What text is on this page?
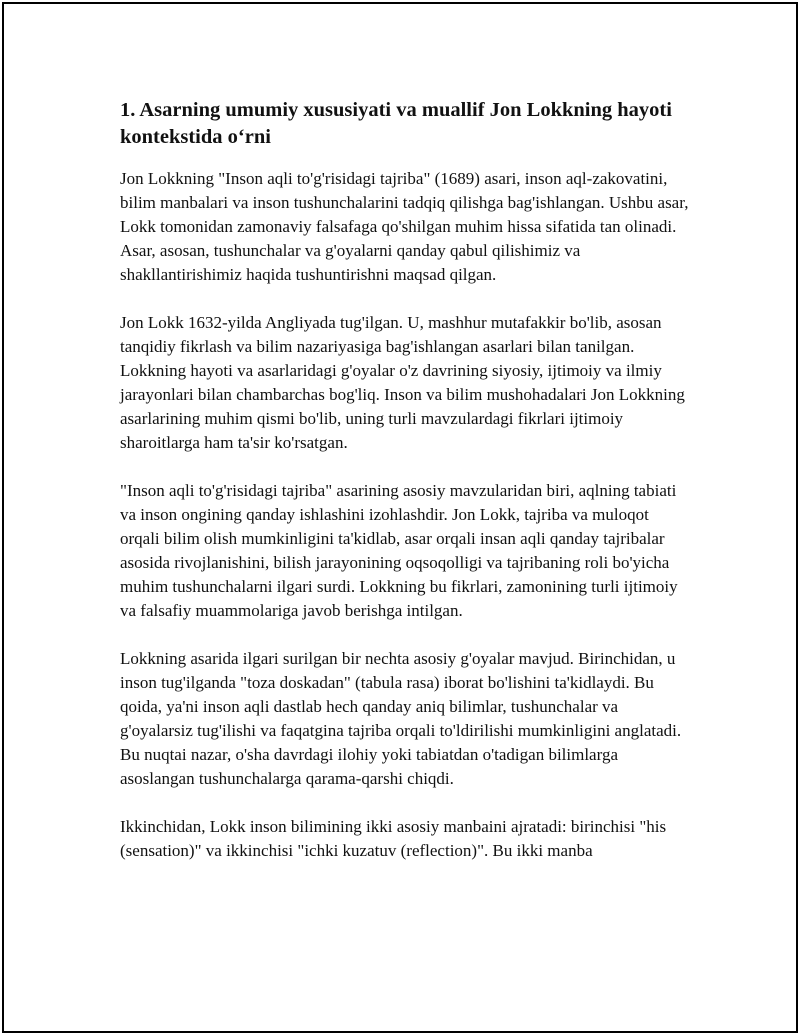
1. Asarning umumiy xususiyati va muallif Jon Lokkning hayoti kontekstida o‘rni

Jon Lokkning "Inson aqli to'g'risidagi tajriba" (1689) asari, inson aql-zakovatini, bilim manbalari va inson tushunchalarini tadqiq qilishga bag'ishlangan. Ushbu asar, Lokk tomonidan zamonaviy falsafaga qo'shilgan muhim hissa sifatida tan olinadi. Asar, asosan, tushunchalar va g'oyalarni qanday qabul qilishimiz va shakllantirishimiz haqida tushuntirishni maqsad qilgan.

Jon Lokk 1632-yilda Angliyada tug'ilgan. U, mashhur mutafakkir bo'lib, asosan tanqidiy fikrlash va bilim nazariyasiga bag'ishlangan asarlari bilan tanilgan. Lokkning hayoti va asarlaridagi g'oyalar o'z davrining siyosiy, ijtimoiy va ilmiy jarayonlari bilan chambarchas bog'liq. Inson va bilim mushohadalari Jon Lokkning asarlarining muhim qismi bo'lib, uning turli mavzulardagi fikrlari ijtimoiy sharoitlarga ham ta'sir ko'rsatgan.

"Inson aqli to'g'risidagi tajriba" asarining asosiy mavzularidan biri, aqlning tabiati va inson ongining qanday ishlashini izohlashdir. Jon Lokk, tajriba va muloqot orqali bilim olish mumkinligini ta'kidlab, asar orqali insan aqli qanday tajribalar asosida rivojlanishini, bilish jarayonining oqsoqolligi va tajribaning roli bo'yicha muhim tushunchalarni ilgari surdi. Lokkning bu fikrlari, zamonining turli ijtimoiy va falsafiy muammolariga javob berishga intilgan.

Lokkning asarida ilgari surilgan bir nechta asosiy g'oyalar mavjud. Birinchidan, u inson tug'ilganda "toza doskadan" (tabula rasa) iborat bo'lishini ta'kidlaydi. Bu qoida, ya'ni inson aqli dastlab hech qanday aniq bilimlar, tushunchalar va g'oyalarsiz tug'ilishi va faqatgina tajriba orqali to'ldirilishi mumkinligini anglatadi. Bu nuqtai nazar, o'sha davrdagi ilohiy yoki tabiatdan o'tadigan bilimlarga asoslangan tushunchalarga qarama-qarshi chiqdi.

Ikkinchidan, Lokk inson bilimining ikki asosiy manbaini ajratadi: birinchisi "his (sensation)" va ikkinchisi "ichki kuzatuv (reflection)". Bu ikki manba
